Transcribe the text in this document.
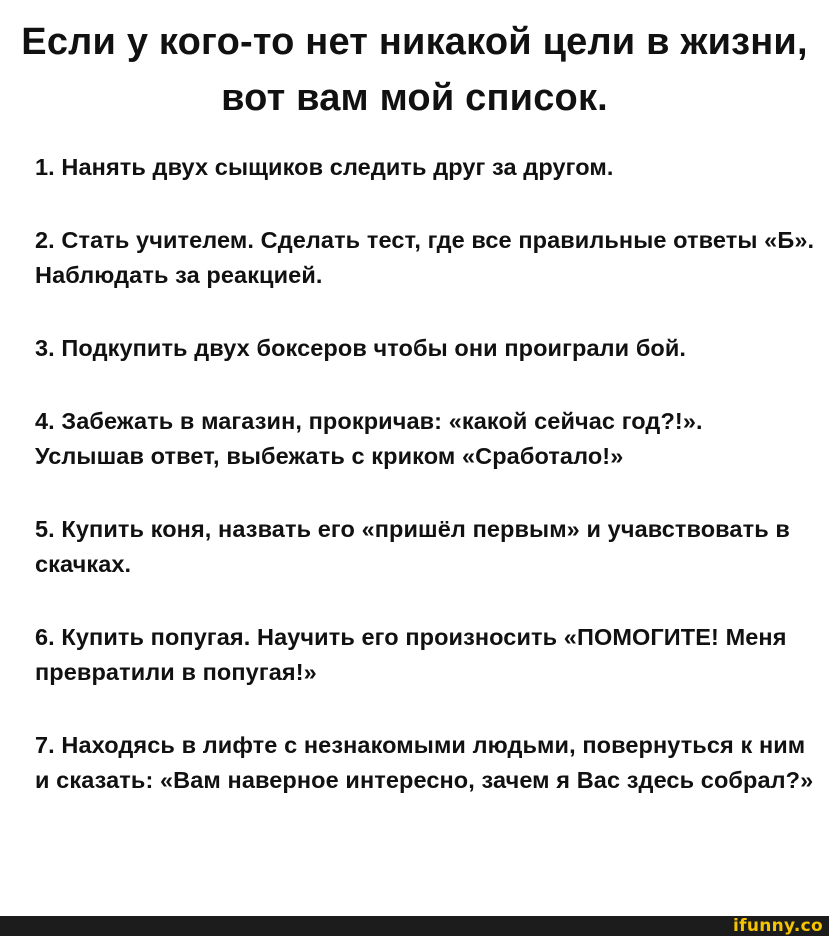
Если у кого-то нет никакой цели в жизни, вот вам мой список.
1. Нанять двух сыщиков следить друг за другом.
2. Стать учителем. Сделать тест, где все правильные ответы «Б». Наблюдать за реакцией.
3. Подкупить двух боксеров чтобы они проиграли бой.
4. Забежать в магазин, прокричав: «какой сейчас год?!». Услышав ответ, выбежать с криком «Сработало!»
5. Купить коня, назвать его «пришёл первым» и учавствовать в скачках.
6. Купить попугая. Научить его произносить «ПОМОГИТЕ! Меня превратили в попугая!»
7. Находясь в лифте с незнакомыми людьми, повернуться к ним и сказать: «Вам наверное интересно, зачем я Вас здесь собрал?»
ifunny.co
